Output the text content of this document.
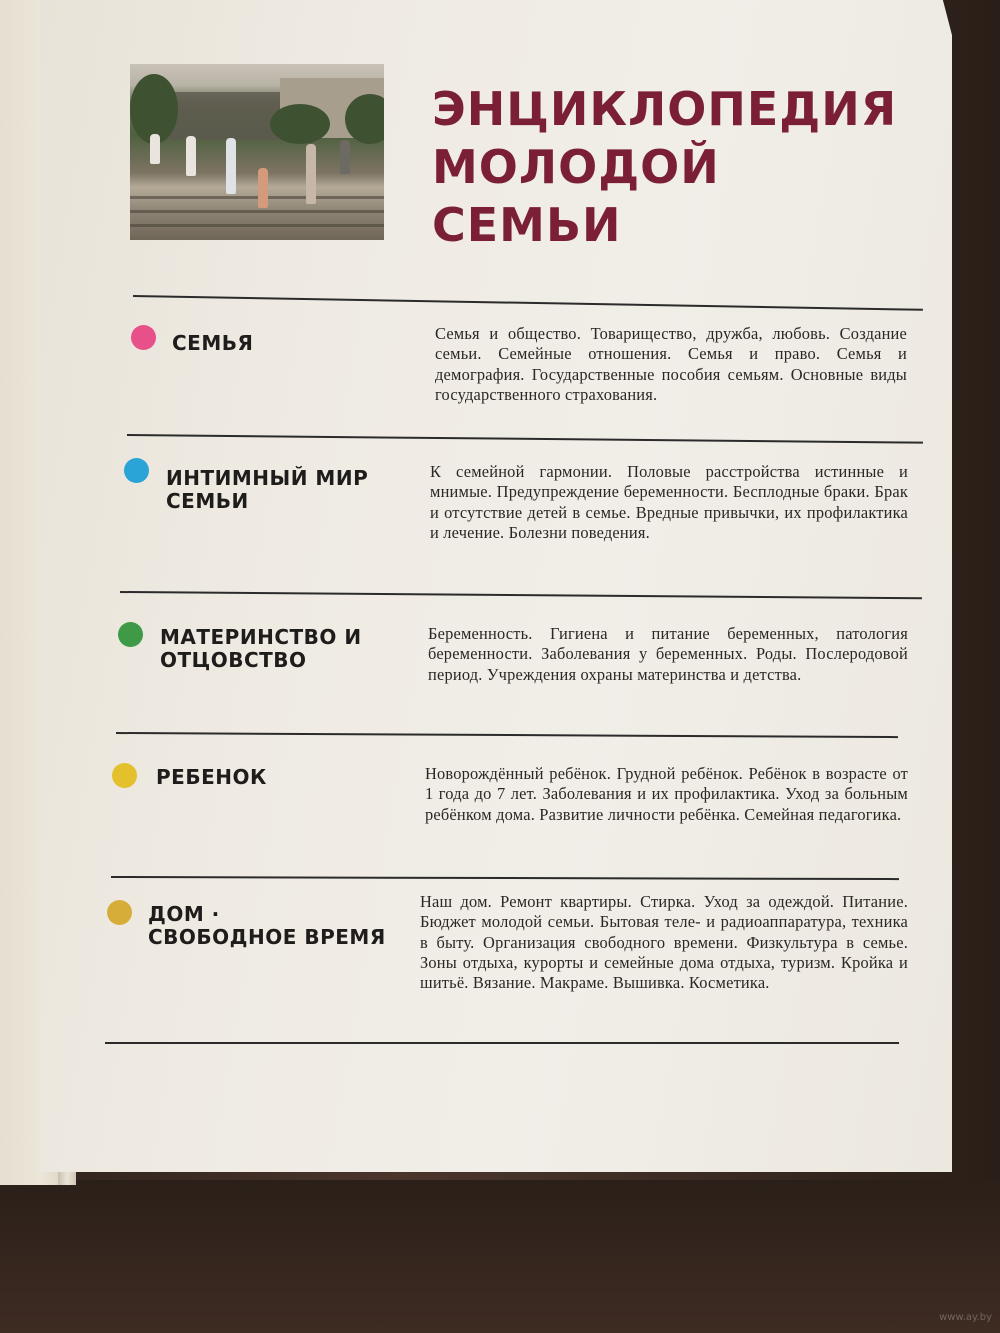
ЭНЦИКЛОПЕДИЯ
МОЛОДОЙ
СЕМЬИ
СЕМЬЯ	Семья и общество. Товарищество, дружба, любовь. Создание семьи. Семейные отношения. Семья и право. Семья и демография. Государственные пособия семьям. Основные виды государственного страхования.
ИНТИМНЫЙ МИР
СЕМЬИ
К семейной гармонии. Половые расстройства истинные и мнимые. Предупреждение беременности. Бесплодные браки. Брак и отсутствие детей в семье. Вредные привычки, их профилактика и лечение. Болезни поведения.
МАТЕРИНСТВО И
ОТЦОВСТВО
Беременность. Гигиена и питание беременных, патология беременности. Заболевания у беременных. Роды. Послеродовой период. Учреждения охраны материнства и детства.
РЕБЕНОК	Новорождённый ребёнок. Грудной ребёнок. Ребёнок в возрасте от 1 года до 7 лет. Заболевания и их профилактика. Уход за больным ребёнком дома. Развитие личности ребёнка. Семейная педагогика.
ДОМ ·
СВОБОДНОЕ ВРЕМЯ
Наш дом. Ремонт квартиры. Стирка. Уход за одеждой. Питание. Бюджет молодой семьи. Бытовая теле- и радиоаппаратура, техника в быту. Организация свободного времени. Физкультура в семье. Зоны отдыха, курорты и семейные дома отдыха, туризм. Кройка и шитьё. Вязание. Макраме. Вышивка. Косметика.
www.ay.by
